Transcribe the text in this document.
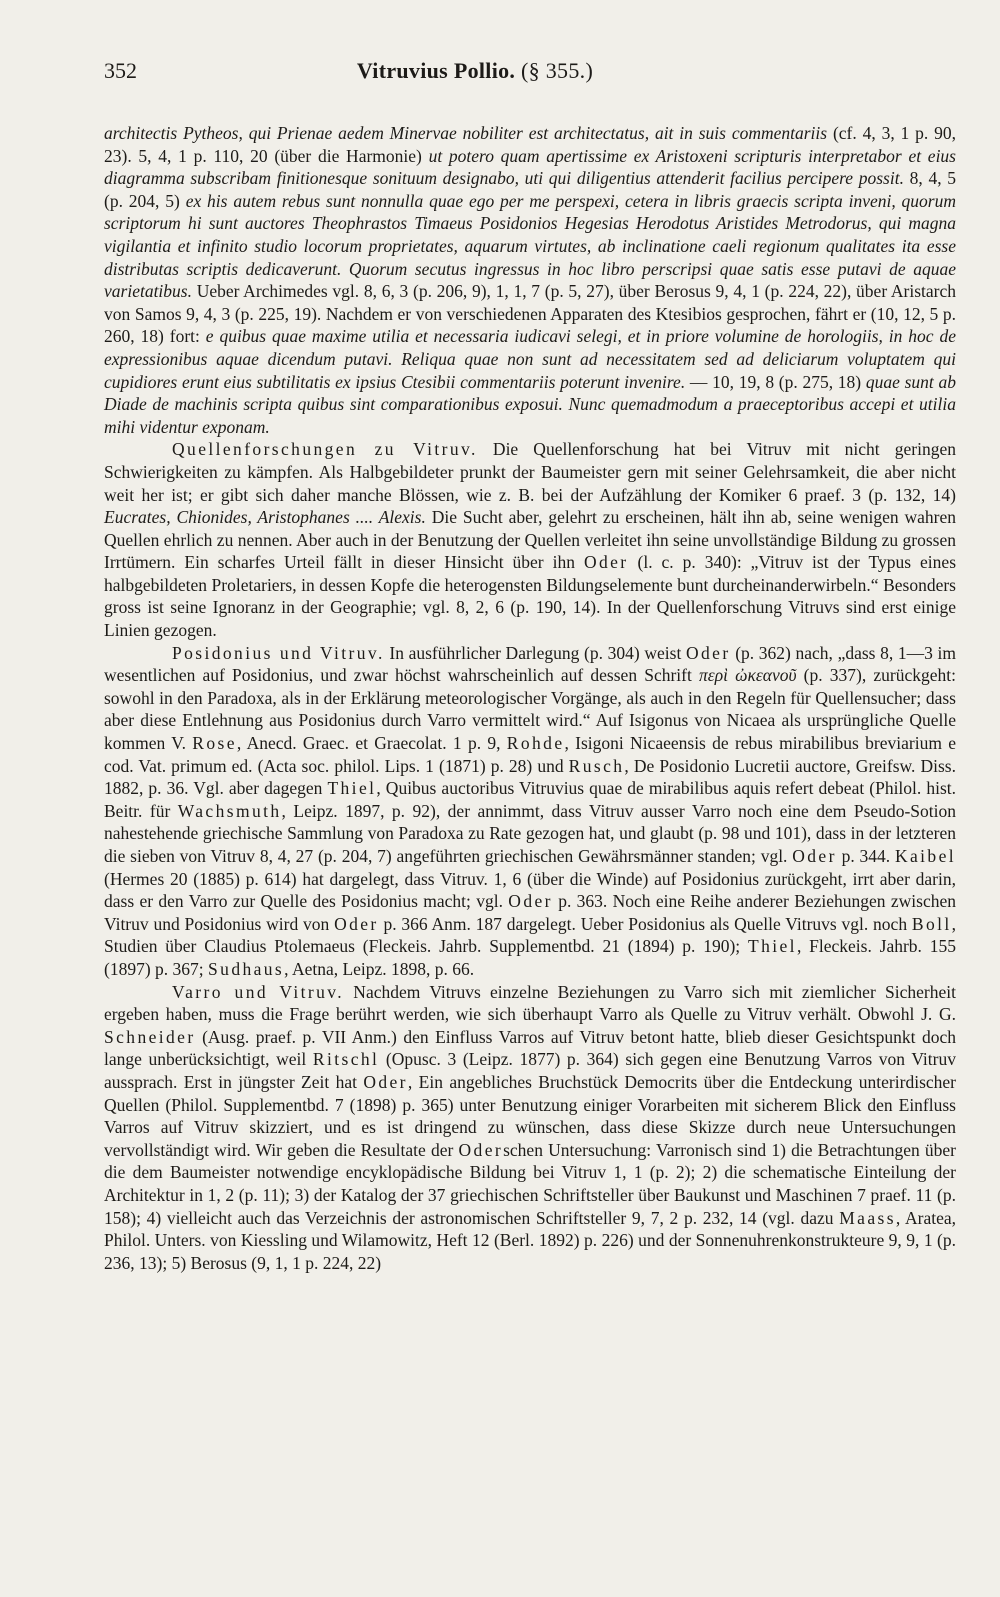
352	Vitruvius Pollio. (§ 355.)

architectis Pytheos, qui Prienae aedem Minervae nobiliter est architectatus, ait in suis commentariis (cf. 4, 3, 1 p. 90, 23). 5, 4, 1 p. 110, 20 (über die Harmonie) ut potero quam apertissime ex Aristoxeni scripturis interpretabor et eius diagramma subscribam finitionesque sonituum designabo, uti qui diligentius attenderit facilius percipere possit. 8, 4, 5 (p. 204, 5) ex his autem rebus sunt nonnulla quae ego per me perspexi, cetera in libris graecis scripta inveni, quorum scriptorum hi sunt auctores Theophrastos Timaeus Posidonios Hegesias Herodotus Aristides Metrodorus, qui magna vigilantia et infinito studio locorum proprietates, aquarum virtutes, ab inclinatione caeli regionum qualitates ita esse distributas scriptis dedicaverunt. Quorum secutus ingressus in hoc libro perscripsi quae satis esse putavi de aquae varietatibus. Ueber Archimedes vgl. 8, 6, 3 (p. 206, 9), 1, 1, 7 (p. 5, 27), über Berosus 9, 4, 1 (p. 224, 22), über Aristarch von Samos 9, 4, 3 (p. 225, 19). Nachdem er von verschiedenen Apparaten des Ktesibios gesprochen, fährt er (10, 12, 5 p. 260, 18) fort: e quibus quae maxime utilia et necessaria iudicavi selegi, et in priore volumine de horologiis, in hoc de expressionibus aquae dicendum putavi. Reliqua quae non sunt ad necessitatem sed ad deliciarum voluptatem qui cupidiores erunt eius subtilitatis ex ipsius Ctesibii commentariis poterunt invenire. — 10, 19, 8 (p. 275, 18) quae sunt ab Diade de machinis scripta quibus sint comparationibus exposui. Nunc quemadmodum a praeceptoribus accepi et utilia mihi videntur exponam.

Quellenforschungen zu Vitruv. Die Quellenforschung hat bei Vitruv mit nicht geringen Schwierigkeiten zu kämpfen. Als Halbgebildeter prunkt der Baumeister gern mit seiner Gelehrsamkeit, die aber nicht weit her ist; er gibt sich daher manche Blössen, wie z. B. bei der Aufzählung der Komiker 6 praef. 3 (p. 132, 14) Eucrates, Chionides, Aristophanes .... Alexis. Die Sucht aber, gelehrt zu erscheinen, hält ihn ab, seine wenigen wahren Quellen ehrlich zu nennen. Aber auch in der Benutzung der Quellen verleitet ihn seine unvollständige Bildung zu grossen Irrtümern. Ein scharfes Urteil fällt in dieser Hinsicht über ihn Oder (l. c. p. 340): „Vitruv ist der Typus eines halbgebildeten Proletariers, in dessen Kopfe die heterogensten Bildungselemente bunt durcheinanderwirbeln.“ Besonders gross ist seine Ignoranz in der Geographie; vgl. 8, 2, 6 (p. 190, 14). In der Quellenforschung Vitruvs sind erst einige Linien gezogen.

Posidonius und Vitruv. In ausführlicher Darlegung (p. 304) weist Oder (p. 362) nach, „dass 8, 1—3 im wesentlichen auf Posidonius, und zwar höchst wahrscheinlich auf dessen Schrift περὶ ὠκεανοῦ (p. 337), zurückgeht: sowohl in den Paradoxa, als in der Erklärung meteorologischer Vorgänge, als auch in den Regeln für Quellensucher; dass aber diese Entlehnung aus Posidonius durch Varro vermittelt wird.“ Auf Isigonus von Nicaea als ursprüngliche Quelle kommen V. Rose, Anecd. Graec. et Graecolat. 1 p. 9, Rohde, Isigoni Nicaeensis de rebus mirabilibus breviarium e cod. Vat. primum ed. (Acta soc. philol. Lips. 1 (1871) p. 28) und Rusch, De Posidonio Lucretii auctore, Greifsw. Diss. 1882, p. 36. Vgl. aber dagegen Thiel, Quibus auctoribus Vitruvius quae de mirabilibus aquis refert debeat (Philol. hist. Beitr. für Wachsmuth, Leipz. 1897, p. 92), der annimmt, dass Vitruv ausser Varro noch eine dem Pseudo-Sotion nahestehende griechische Sammlung von Paradoxa zu Rate gezogen hat, und glaubt (p. 98 und 101), dass in der letzteren die sieben von Vitruv 8, 4, 27 (p. 204, 7) angeführten griechischen Gewährsmänner standen; vgl. Oder p. 344. Kaibel (Hermes 20 (1885) p. 614) hat dargelegt, dass Vitruv. 1, 6 (über die Winde) auf Posidonius zurückgeht, irrt aber darin, dass er den Varro zur Quelle des Posidonius macht; vgl. Oder p. 363. Noch eine Reihe anderer Beziehungen zwischen Vitruv und Posidonius wird von Oder p. 366 Anm. 187 dargelegt. Ueber Posidonius als Quelle Vitruvs vgl. noch Boll, Studien über Claudius Ptolemaeus (Fleckeis. Jahrb. Supplementbd. 21 (1894) p. 190); Thiel, Fleckeis. Jahrb. 155 (1897) p. 367; Sudhaus, Aetna, Leipz. 1898, p. 66.

Varro und Vitruv. Nachdem Vitruvs einzelne Beziehungen zu Varro sich mit ziemlicher Sicherheit ergeben haben, muss die Frage berührt werden, wie sich überhaupt Varro als Quelle zu Vitruv verhält. Obwohl J. G. Schneider (Ausg. praef. p. VII Anm.) den Einfluss Varros auf Vitruv betont hatte, blieb dieser Gesichtspunkt doch lange unberücksichtigt, weil Ritschl (Opusc. 3 (Leipz. 1877) p. 364) sich gegen eine Benutzung Varros von Vitruv aussprach. Erst in jüngster Zeit hat Oder, Ein angebliches Bruchstück Democrits über die Entdeckung unterirdischer Quellen (Philol. Supplementbd. 7 (1898) p. 365) unter Benutzung einiger Vorarbeiten mit sicherem Blick den Einfluss Varros auf Vitruv skizziert, und es ist dringend zu wünschen, dass diese Skizze durch neue Untersuchungen vervollständigt wird. Wir geben die Resultate der Oderschen Untersuchung: Varronisch sind 1) die Betrachtungen über die dem Baumeister notwendige encyklopädische Bildung bei Vitruv 1, 1 (p. 2); 2) die schematische Einteilung der Architektur in 1, 2 (p. 11); 3) der Katalog der 37 griechischen Schriftsteller über Baukunst und Maschinen 7 praef. 11 (p. 158); 4) vielleicht auch das Verzeichnis der astronomischen Schriftsteller 9, 7, 2 p. 232, 14 (vgl. dazu Maass, Aratea, Philol. Unters. von Kiessling und Wilamowitz, Heft 12 (Berl. 1892) p. 226) und der Sonnenuhrenkonstrukteure 9, 9, 1 (p. 236, 13); 5) Berosus (9, 1, 1 p. 224, 22)
